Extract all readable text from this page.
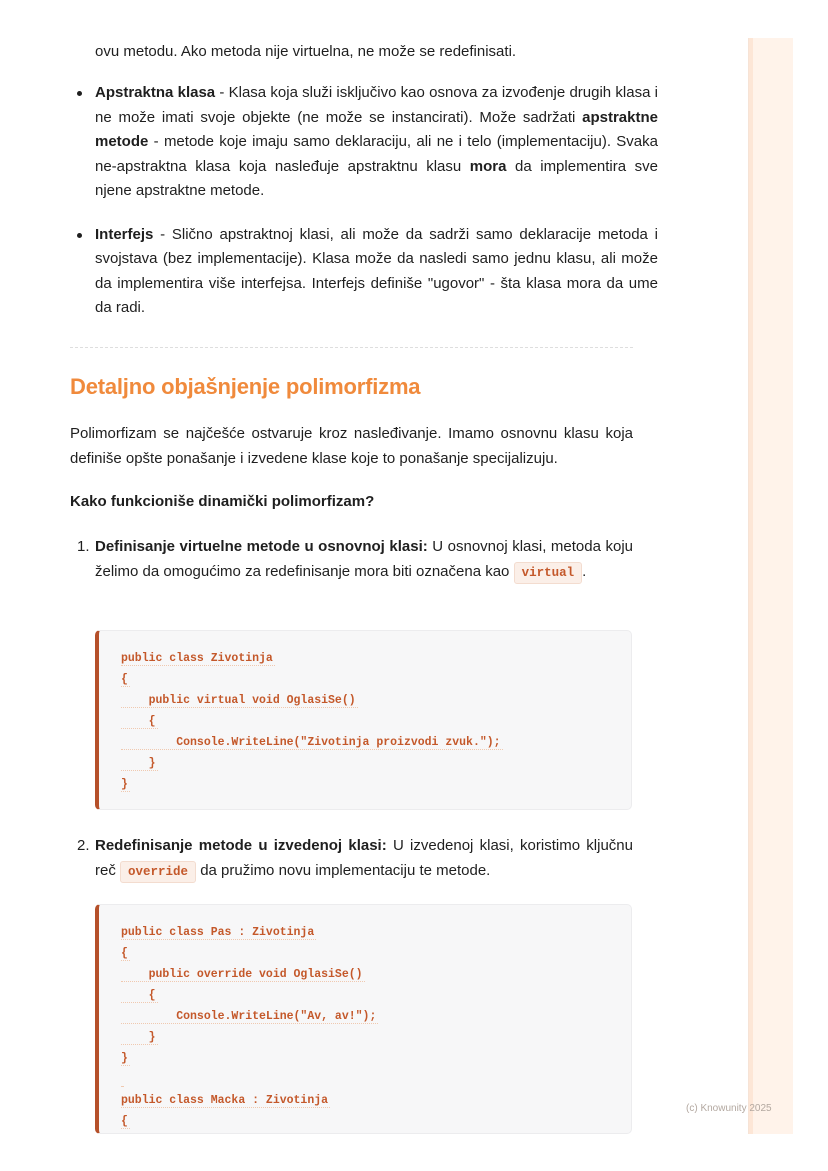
(c) Knowunity 2025

ovu metodu. Ako metoda nije virtuelna, ne može se redefinisati.

Apstraktna klasa - Klasa koja služi isključivo kao osnova za izvođenje drugih klasa i ne može imati svoje objekte (ne može se instancirati). Može sadržati apstraktne metode - metode koje imaju samo deklaraciju, ali ne i telo (implementaciju). Svaka ne-apstraktna klasa koja nasleđuje apstraktnu klasu mora da implementira sve njene apstraktne metode.
Interfejs - Slično apstraktnoj klasi, ali može da sadrži samo deklaracije metoda i svojstava (bez implementacije). Klasa može da nasledi samo jednu klasu, ali može da implementira više interfejsa. Interfejs definiše "ugovor" - šta klasa mora da ume da radi.
Detaljno objašnjenje polimorfizma

Polimorfizam se najčešće ostvaruje kroz nasleđivanje. Imamo osnovnu klasu koja definiše opšte ponašanje i izvedene klase koje to ponašanje specijalizuju.

Kako funkcioniše dinamički polimorfizam?

1. Definisanje virtuelne metode u osnovnoj klasi: U osnovnoj klasi, metoda koju želimo da omogućimo za redefinisanje mora biti označena kao virtual .

public class Zivotinja
{
public virtual void OglasiSe()
{
Console.WriteLine("Zivotinja proizvodi zvuk.");
}
}

2. Redefinisanje metode u izvedenoj klasi: U izvedenoj klasi, koristimo ključnu reč override da pružimo novu implementaciju te metode.

public class Pas : Zivotinja
{
public override void OglasiSe()
{
Console.WriteLine("Av, av!");
}
}
public class Macka : Zivotinja
{
